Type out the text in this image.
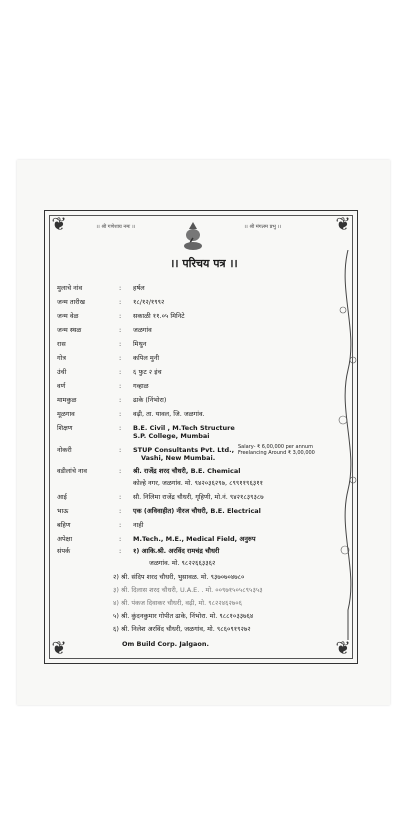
❦	❦
❦	❦
।। श्री गणेशाय नमः ।।	।। श्री मंगलम प्रभु ।।
।। परिचय पत्र ।।
मुलाचे नांव	: हर्षल
जन्म तारीख	: १८/१२/१९९२
जन्म वेळ	: सकाळी ११.०५ मिनिटे
जन्म स्थळ	: जळगांव
रास	: मिथुन
गोत्र	: कपिल मुनी
उंची	: ६ फुट २ इंच
वर्ण	: गव्हाळ
मामकुळ	: ढाके (निंभोरा)
मूळगाव	: वढ़ी, ता. यावल, जि. जळगांव.
शिक्षण	: B.E. Civil , M.Tech Structure
S.P. College, Mumbai
नोकरी	: STUP Consultants Pvt. Ltd.,
Vashi, New Mumbai.
Salary- ₹ 6,00,000 per annum
Freelancing Around ₹ 3,00,000
वडीलांचे नाव	: श्री. राजेंद्र शरद चौधरी, B.E. Chemical
कोल्हे नगर, जळगांव. मो. ९४२०३६२९७, ८९९११९६३११
आई	: सौ. निलिमा राजेंद्र चौधरी, गृहिणी, मो.नं. ९४२१८३९३८७
भाऊ	: एक (अविवाहीत) नीरज चौधरी, B.E. Electrical
बहिण	: नाही
अपेक्षा	: M.Tech., M.E., Medical Field, अनुरुप
संपर्क	: १) आकि.श्री. अरविंद रामचंद्र चौधरी
जळगांव. मो. ९८२२६६३३६२
२) श्री. संदिप शरद चौधरी, भुसावळ. मो. ९३७०७०४७८०
३) श्री. दिलास शरद चौधरी, U.A.E. . मो. ००९७१५०५८९५३५३
४) श्री. पंकज दिवाकर चौधरी, वढ़ी, मो. ९८२२४६२७०६
५) श्री. कुंदनकुमार गोपीत ढाके, निंभोरा. मो. ९८८१०३३७६४
६) श्री. निलेश अरविंद चौधरी, जळगांव, मो. ९८६०९१९२७२
Om Build Corp. Jalgaon.
